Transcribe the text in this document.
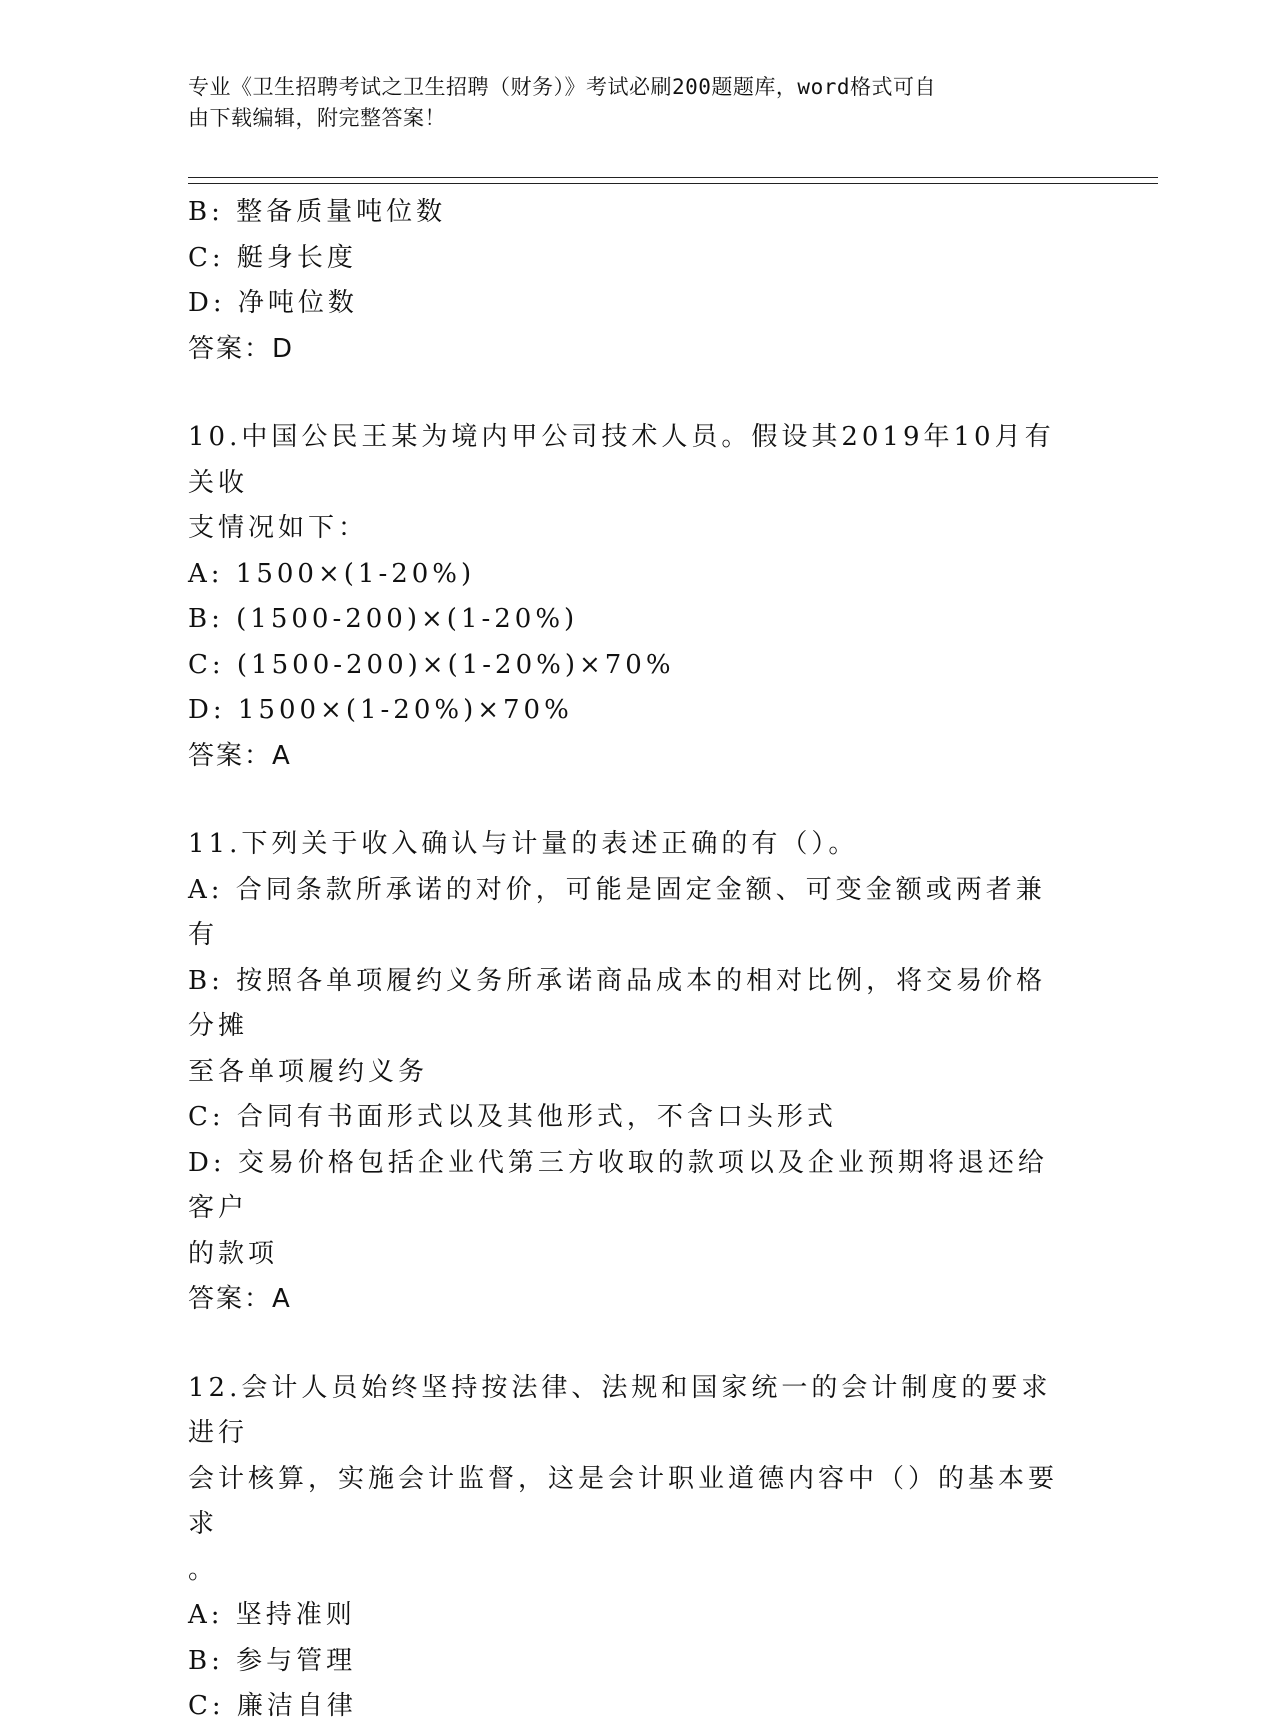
专业《卫生招聘考试之卫生招聘（财务）》考试必刷200题题库，word格式可自
由下载编辑，附完整答案！

B: 整备质量吨位数

C: 艇身长度

D: 净吨位数

答案：D

10.中国公民王某为境内甲公司技术人员。假设其2019年10月有关收

支情况如下：

A: 1500×(1-20%)

B: (1500-200)×(1-20%)

C: (1500-200)×(1-20%)×70%

D: 1500×(1-20%)×70%

答案：A

11.下列关于收入确认与计量的表述正确的有（）。

A: 合同条款所承诺的对价，可能是固定金额、可变金额或两者兼有

B: 按照各单项履约义务所承诺商品成本的相对比例，将交易价格分摊

至各单项履约义务

C: 合同有书面形式以及其他形式，不含口头形式

D: 交易价格包括企业代第三方收取的款项以及企业预期将退还给客户

的款项

答案：A

12.会计人员始终坚持按法律、法规和国家统一的会计制度的要求进行

会计核算，实施会计监督，这是会计职业道德内容中（）的基本要求

。

A: 坚持准则

B: 参与管理

C: 廉洁自律
